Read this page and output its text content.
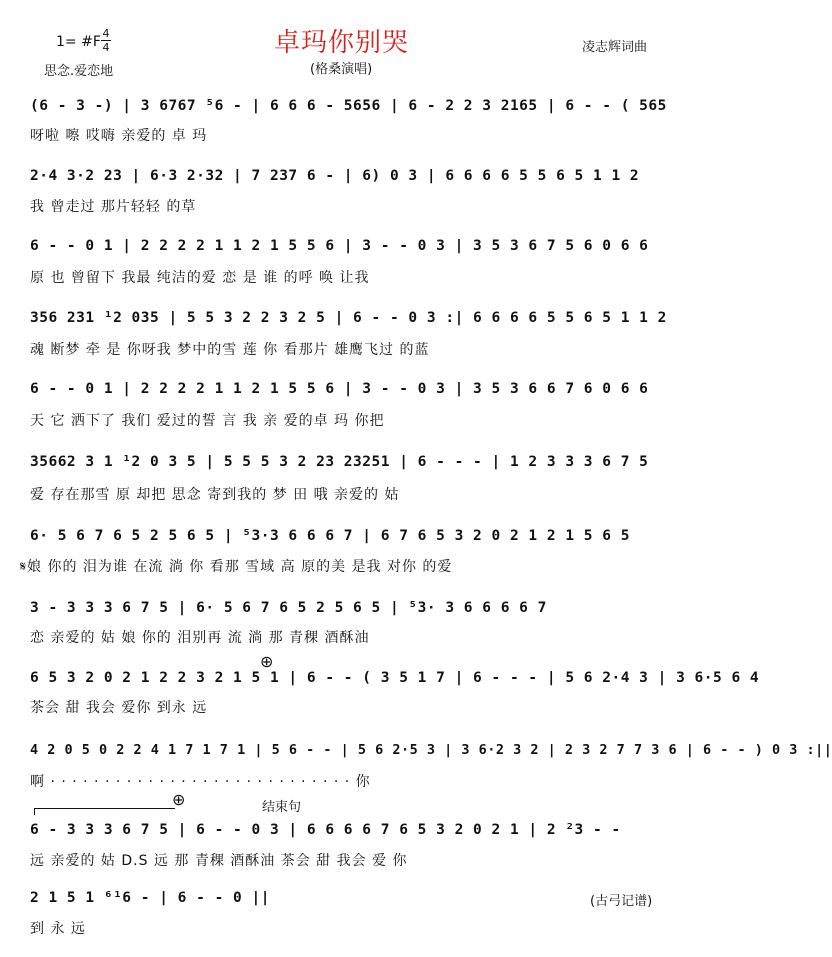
1= #F
4
4
思念.爱恋地
卓玛你别哭
(格桑演唱)
凌志辉词曲
(6 - 3 -) | 3 6767 ⁵6 - | 6 6 6 - 5656 | 6 - 2 2 3 2165 | 6 - - ( 565
呀啦 嚓 哎嗨 亲爱的 卓 玛
2·4 3·2 23 | 6·3 2·32 | 7 237 6 - | 6) 0 3 | 6 6 6 6 5 5 6 5 1 1 2
我 曾走过 那片轻轻 的草
6 - - 0 1 | 2 2 2 2 1 1 2 1 5 5 6 | 3 - - 0 3 | 3 5 3 6 7 5 6 0 6 6
原 也 曾留下 我最 纯洁的爱 恋 是 谁 的呼 唤 让我
356 231 ¹2 035 | 5 5 3 2 2 3 2 5 | 6 - - 0 3 :| 6 6 6 6 5 5 6 5 1 1 2
魂 断梦 牵 是 你呀我 梦中的雪 莲 你 看那片 雄鹰飞过 的蓝
6 - - 0 1 | 2 2 2 2 1 1 2 1 5 5 6 | 3 - - 0 3 | 3 5 3 6 6 7 6 0 6 6
天 它 洒下了 我们 爱过的誓 言 我 亲 爱的卓 玛 你把
35662 3 1 ¹2 0 3 5 | 5 5 5 3 2 23 23251 | 6 - - - | 1 2 3 3 3 6 7 5
爱 存在那雪 原 却把 思念 寄到我的 梦 田 哦 亲爱的 姑
6· 5 6 7 6 5 2 5 6 5 | ⁵3·3 6 6 6 7 | 6 7 6 5 3 2 0 2 1 2 1 5 6 5
𝄋娘 你的 泪为谁 在流 淌 你 看那 雪域 高 原的美 是我 对你 的爱
3 - 3 3 3 6 7 5 | 6· 5 6 7 6 5 2 5 6 5 | ⁵3· 3 6 6 6 6 7
恋 亲爱的 姑 娘 你的 泪别再 流 淌 那 青稞 酒酥油
⊕
6 5 3 2 0 2 1 2 2 3 2 1 5 1 | 6 - - ( 3 5 1 7 | 6 - - - | 5 6 2·4 3 | 3 6·5 6 4
茶会 甜 我会 爱你 到永 远
4 2 0 5 0 2 2 4 1 7 1 7 1 | 5 6 - - | 5 6 2·5 3 | 3 6·2 3 2 | 2 3 2 7 7 3 6 | 6 - - ) 0 3 :||
啊 · · · · · · · · · · · · · · · · · · · · · · · · · · · · 你
⊕	结束句
6 - 3 3 3 6 7 5 | 6 - - 0 3 | 6 6 6 6 7 6 5 3 2 0 2 1 | 2 ²3 - -
远 亲爱的 姑 D.S 远 那 青稞 酒酥油 茶会 甜 我会 爱 你
2 1 5 1 ⁶¹6 - | 6 - - 0 ||
到 永 远
(古弓记谱)
